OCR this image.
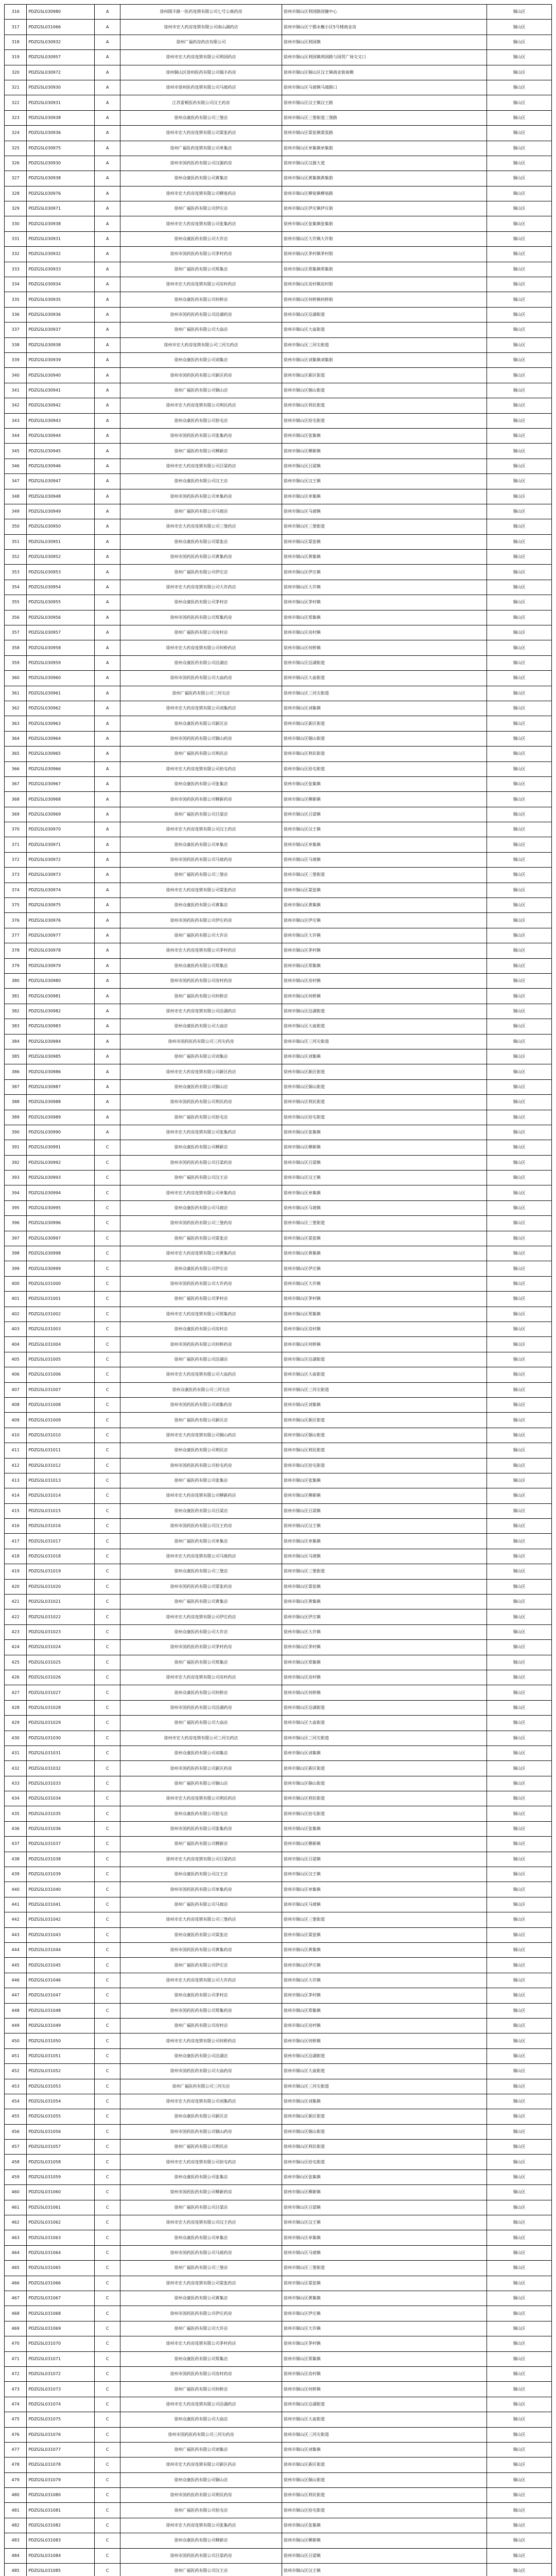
316	PDZGSL030980	A	徐州圆丰路一医药连锁有限公司七号公寓药房	徐州市铜山区利国路国健中心	铜山区
317	PDZGSL031066	A	徐州市宏大药房连锁有限公司南山湖药店	徐州市铜山区宁郡水榭小区5号楼商业房	铜山区
318	PDZGSL030932	A	徐州广福药房药店有限公司	徐州市铜山区利国镇	铜山区
319	PDZGSL030957	A	徐州市宏大药房连锁有限公司利国药店	徐州市铜山区利国镇利国路与国贸广场交叉口	铜山区
320	PDZGSL030972	A	徐州铜山区徐州医药有限公司瑞丰药房	徐州市铜山区铜山区汉王镇商业街南侧	铜山区
321	PDZGSL030930	A	徐州市徐州医药连锁有限公司马坡药店	徐州市铜山区马坡镇马坡路口	铜山区
322	PDZGSL030931	A	江苏雷顿医药有限公司汉王药房	徐州市铜山区汉王镇汉王路	铜山区
323	PDZGSL030938	A	徐州众康医药有限公司三堡店	徐州市铜山区三堡街道三堡路	铜山区
324	PDZGSL030936	A	徐州市宏大药房连锁有限公司棠张药店	徐州市铜山区棠张镇棠张路	铜山区
325	PDZGSL030975	A	徐州广福医药连锁有限公司单集店	徐州市铜山区单集镇单集街	铜山区
326	PDZGSL030930	A	徐州市国药医药有限公司汉源药房	徐州市铜山区汉源大道	铜山区
327	PDZGSL030938	A	徐州众康医药有限公司黄集店	徐州市铜山区黄集镇黄集街	铜山区
328	PDZGSL030976	A	徐州市宏大药房连锁有限公司柳泉药店	徐州市铜山区柳泉镇柳泉路	铜山区
329	PDZGSL030971	A	徐州广福医药有限公司伊庄店	徐州市铜山区伊庄镇伊庄街	铜山区
330	PDZGSL030938	A	徐州市宏大药房连锁有限公司张集药店	徐州市铜山区张集镇张集街	铜山区
331	PDZGSL030931	A	徐州众康医药有限公司大许店	徐州市铜山区大许镇大许街	铜山区
332	PDZGSL030932	A	徐州市国药医药有限公司茅村药房	徐州市铜山区茅村镇茅村街	铜山区
333	PDZGSL030933	A	徐州广福医药有限公司郑集店	徐州市铜山区郑集镇郑集街	铜山区
334	PDZGSL030934	A	徐州市宏大药房连锁有限公司房村药店	徐州市铜山区房村镇房村街	铜山区
335	PDZGSL030935	A	徐州众康医药有限公司何桥店	徐州市铜山区何桥镇何桥街	铜山区
336	PDZGSL030936	A	徐州市国药医药有限公司沿湖药房	徐州市铜山区沿湖街道	铜山区
337	PDZGSL030937	A	徐州广福医药有限公司大庙店	徐州市铜山区大庙街道	铜山区
338	PDZGSL030938	A	徐州市宏大药房连锁有限公司三河尖药店	徐州市铜山区三河尖街道	铜山区
339	PDZGSL030939	A	徐州众康医药有限公司刘集店	徐州市铜山区刘集镇刘集街	铜山区
340	PDZGSL030940	A	徐州市国药医药有限公司新区药房	徐州市铜山区新区街道	铜山区
341	PDZGSL030941	A	徐州广福医药有限公司铜山店	徐州市铜山区铜山街道	铜山区
342	PDZGSL030942	A	徐州市宏大药房连锁有限公司利民药店	徐州市铜山区利民街道	铜山区
343	PDZGSL030943	A	徐州众康医药有限公司拾屯店	徐州市铜山区拾屯街道	铜山区
344	PDZGSL030944	A	徐州市国药医药有限公司张集药房	徐州市铜山区张集镇	铜山区
345	PDZGSL030945	A	徐州广福医药有限公司柳新店	徐州市铜山区柳新镇	铜山区
346	PDZGSL030946	A	徐州市宏大药房连锁有限公司吕梁药店	徐州市铜山区吕梁镇	铜山区
347	PDZGSL030947	A	徐州众康医药有限公司汉王店	徐州市铜山区汉王镇	铜山区
348	PDZGSL030948	A	徐州市国药医药有限公司单集药房	徐州市铜山区单集镇	铜山区
349	PDZGSL030949	A	徐州广福医药有限公司马坡店	徐州市铜山区马坡镇	铜山区
350	PDZGSL030950	A	徐州市宏大药房连锁有限公司三堡药店	徐州市铜山区三堡街道	铜山区
351	PDZGSL030951	A	徐州众康医药有限公司棠张店	徐州市铜山区棠张镇	铜山区
352	PDZGSL030952	A	徐州市国药医药有限公司黄集药房	徐州市铜山区黄集镇	铜山区
353	PDZGSL030953	A	徐州广福医药有限公司伊庄店	徐州市铜山区伊庄镇	铜山区
354	PDZGSL030954	A	徐州市宏大药房连锁有限公司大许药店	徐州市铜山区大许镇	铜山区
355	PDZGSL030955	A	徐州众康医药有限公司茅村店	徐州市铜山区茅村镇	铜山区
356	PDZGSL030956	A	徐州市国药医药有限公司郑集药房	徐州市铜山区郑集镇	铜山区
357	PDZGSL030957	A	徐州广福医药有限公司房村店	徐州市铜山区房村镇	铜山区
358	PDZGSL030958	A	徐州市宏大药房连锁有限公司何桥药店	徐州市铜山区何桥镇	铜山区
359	PDZGSL030959	A	徐州众康医药有限公司沿湖店	徐州市铜山区沿湖街道	铜山区
360	PDZGSL030960	A	徐州市国药医药有限公司大庙药房	徐州市铜山区大庙街道	铜山区
361	PDZGSL030961	A	徐州广福医药有限公司三河尖店	徐州市铜山区三河尖街道	铜山区
362	PDZGSL030962	A	徐州市宏大药房连锁有限公司刘集药店	徐州市铜山区刘集镇	铜山区
363	PDZGSL030963	A	徐州众康医药有限公司新区店	徐州市铜山区新区街道	铜山区
364	PDZGSL030964	A	徐州市国药医药有限公司铜山药房	徐州市铜山区铜山街道	铜山区
365	PDZGSL030965	A	徐州广福医药有限公司利民店	徐州市铜山区利民街道	铜山区
366	PDZGSL030966	A	徐州市宏大药房连锁有限公司拾屯药店	徐州市铜山区拾屯街道	铜山区
367	PDZGSL030967	A	徐州众康医药有限公司张集店	徐州市铜山区张集镇	铜山区
368	PDZGSL030968	A	徐州市国药医药有限公司柳新药房	徐州市铜山区柳新镇	铜山区
369	PDZGSL030969	A	徐州广福医药有限公司吕梁店	徐州市铜山区吕梁镇	铜山区
370	PDZGSL030970	A	徐州市宏大药房连锁有限公司汉王药店	徐州市铜山区汉王镇	铜山区
371	PDZGSL030971	A	徐州众康医药有限公司单集店	徐州市铜山区单集镇	铜山区
372	PDZGSL030972	A	徐州市国药医药有限公司马坡药房	徐州市铜山区马坡镇	铜山区
373	PDZGSL030973	A	徐州广福医药有限公司三堡店	徐州市铜山区三堡街道	铜山区
374	PDZGSL030974	A	徐州市宏大药房连锁有限公司棠张药店	徐州市铜山区棠张镇	铜山区
375	PDZGSL030975	A	徐州众康医药有限公司黄集店	徐州市铜山区黄集镇	铜山区
376	PDZGSL030976	A	徐州市国药医药有限公司伊庄药房	徐州市铜山区伊庄镇	铜山区
377	PDZGSL030977	A	徐州广福医药有限公司大许店	徐州市铜山区大许镇	铜山区
378	PDZGSL030978	A	徐州市宏大药房连锁有限公司茅村药店	徐州市铜山区茅村镇	铜山区
379	PDZGSL030979	A	徐州众康医药有限公司郑集店	徐州市铜山区郑集镇	铜山区
380	PDZGSL030980	A	徐州市国药医药有限公司房村药房	徐州市铜山区房村镇	铜山区
381	PDZGSL030981	A	徐州广福医药有限公司何桥店	徐州市铜山区何桥镇	铜山区
382	PDZGSL030982	A	徐州市宏大药房连锁有限公司沿湖药店	徐州市铜山区沿湖街道	铜山区
383	PDZGSL030983	A	徐州众康医药有限公司大庙店	徐州市铜山区大庙街道	铜山区
384	PDZGSL030984	A	徐州市国药医药有限公司三河尖药房	徐州市铜山区三河尖街道	铜山区
385	PDZGSL030985	A	徐州广福医药有限公司刘集店	徐州市铜山区刘集镇	铜山区
386	PDZGSL030986	A	徐州市宏大药房连锁有限公司新区药店	徐州市铜山区新区街道	铜山区
387	PDZGSL030987	A	徐州众康医药有限公司铜山店	徐州市铜山区铜山街道	铜山区
388	PDZGSL030988	A	徐州市国药医药有限公司利民药房	徐州市铜山区利民街道	铜山区
389	PDZGSL030989	A	徐州广福医药有限公司拾屯店	徐州市铜山区拾屯街道	铜山区
390	PDZGSL030990	A	徐州市宏大药房连锁有限公司张集药店	徐州市铜山区张集镇	铜山区
391	PDZGSL030991	C	徐州众康医药有限公司柳新店	徐州市铜山区柳新镇	铜山区
392	PDZGSL030992	C	徐州市国药医药有限公司吕梁药房	徐州市铜山区吕梁镇	铜山区
393	PDZGSL030993	C	徐州广福医药有限公司汉王店	徐州市铜山区汉王镇	铜山区
394	PDZGSL030994	C	徐州市宏大药房连锁有限公司单集药店	徐州市铜山区单集镇	铜山区
395	PDZGSL030995	C	徐州众康医药有限公司马坡店	徐州市铜山区马坡镇	铜山区
396	PDZGSL030996	C	徐州市国药医药有限公司三堡药房	徐州市铜山区三堡街道	铜山区
397	PDZGSL030997	C	徐州广福医药有限公司棠张店	徐州市铜山区棠张镇	铜山区
398	PDZGSL030998	C	徐州市宏大药房连锁有限公司黄集药店	徐州市铜山区黄集镇	铜山区
399	PDZGSL030999	C	徐州众康医药有限公司伊庄店	徐州市铜山区伊庄镇	铜山区
400	PDZGSL031000	C	徐州市国药医药有限公司大许药房	徐州市铜山区大许镇	铜山区
401	PDZGSL031001	C	徐州广福医药有限公司茅村店	徐州市铜山区茅村镇	铜山区
402	PDZGSL031002	C	徐州市宏大药房连锁有限公司郑集药店	徐州市铜山区郑集镇	铜山区
403	PDZGSL031003	C	徐州众康医药有限公司房村店	徐州市铜山区房村镇	铜山区
404	PDZGSL031004	C	徐州市国药医药有限公司何桥药房	徐州市铜山区何桥镇	铜山区
405	PDZGSL031005	C	徐州广福医药有限公司沿湖店	徐州市铜山区沿湖街道	铜山区
406	PDZGSL031006	C	徐州市宏大药房连锁有限公司大庙药店	徐州市铜山区大庙街道	铜山区
407	PDZGSL031007	C	徐州众康医药有限公司三河尖店	徐州市铜山区三河尖街道	铜山区
408	PDZGSL031008	C	徐州市国药医药有限公司刘集药房	徐州市铜山区刘集镇	铜山区
409	PDZGSL031009	C	徐州广福医药有限公司新区店	徐州市铜山区新区街道	铜山区
410	PDZGSL031010	C	徐州市宏大药房连锁有限公司铜山药店	徐州市铜山区铜山街道	铜山区
411	PDZGSL031011	C	徐州众康医药有限公司利民店	徐州市铜山区利民街道	铜山区
412	PDZGSL031012	C	徐州市国药医药有限公司拾屯药房	徐州市铜山区拾屯街道	铜山区
413	PDZGSL031013	C	徐州广福医药有限公司张集店	徐州市铜山区张集镇	铜山区
414	PDZGSL031014	C	徐州市宏大药房连锁有限公司柳新药店	徐州市铜山区柳新镇	铜山区
415	PDZGSL031015	C	徐州众康医药有限公司吕梁店	徐州市铜山区吕梁镇	铜山区
416	PDZGSL031016	C	徐州市国药医药有限公司汉王药房	徐州市铜山区汉王镇	铜山区
417	PDZGSL031017	C	徐州广福医药有限公司单集店	徐州市铜山区单集镇	铜山区
418	PDZGSL031018	C	徐州市宏大药房连锁有限公司马坡药店	徐州市铜山区马坡镇	铜山区
419	PDZGSL031019	C	徐州众康医药有限公司三堡店	徐州市铜山区三堡街道	铜山区
420	PDZGSL031020	C	徐州市国药医药有限公司棠张药房	徐州市铜山区棠张镇	铜山区
421	PDZGSL031021	C	徐州广福医药有限公司黄集店	徐州市铜山区黄集镇	铜山区
422	PDZGSL031022	C	徐州市宏大药房连锁有限公司伊庄药店	徐州市铜山区伊庄镇	铜山区
423	PDZGSL031023	C	徐州众康医药有限公司大许店	徐州市铜山区大许镇	铜山区
424	PDZGSL031024	C	徐州市国药医药有限公司茅村药房	徐州市铜山区茅村镇	铜山区
425	PDZGSL031025	C	徐州广福医药有限公司郑集店	徐州市铜山区郑集镇	铜山区
426	PDZGSL031026	C	徐州市宏大药房连锁有限公司房村药店	徐州市铜山区房村镇	铜山区
427	PDZGSL031027	C	徐州众康医药有限公司何桥店	徐州市铜山区何桥镇	铜山区
428	PDZGSL031028	C	徐州市国药医药有限公司沿湖药房	徐州市铜山区沿湖街道	铜山区
429	PDZGSL031029	C	徐州广福医药有限公司大庙店	徐州市铜山区大庙街道	铜山区
430	PDZGSL031030	C	徐州市宏大药房连锁有限公司三河尖药店	徐州市铜山区三河尖街道	铜山区
431	PDZGSL031031	C	徐州众康医药有限公司刘集店	徐州市铜山区刘集镇	铜山区
432	PDZGSL031032	C	徐州市国药医药有限公司新区药房	徐州市铜山区新区街道	铜山区
433	PDZGSL031033	C	徐州广福医药有限公司铜山店	徐州市铜山区铜山街道	铜山区
434	PDZGSL031034	C	徐州市宏大药房连锁有限公司利民药店	徐州市铜山区利民街道	铜山区
435	PDZGSL031035	C	徐州众康医药有限公司拾屯店	徐州市铜山区拾屯街道	铜山区
436	PDZGSL031036	C	徐州市国药医药有限公司张集药房	徐州市铜山区张集镇	铜山区
437	PDZGSL031037	C	徐州广福医药有限公司柳新店	徐州市铜山区柳新镇	铜山区
438	PDZGSL031038	C	徐州市宏大药房连锁有限公司吕梁药店	徐州市铜山区吕梁镇	铜山区
439	PDZGSL031039	C	徐州众康医药有限公司汉王店	徐州市铜山区汉王镇	铜山区
440	PDZGSL031040	C	徐州市国药医药有限公司单集药房	徐州市铜山区单集镇	铜山区
441	PDZGSL031041	C	徐州广福医药有限公司马坡店	徐州市铜山区马坡镇	铜山区
442	PDZGSL031042	C	徐州市宏大药房连锁有限公司三堡药店	徐州市铜山区三堡街道	铜山区
443	PDZGSL031043	C	徐州众康医药有限公司棠张店	徐州市铜山区棠张镇	铜山区
444	PDZGSL031044	C	徐州市国药医药有限公司黄集药房	徐州市铜山区黄集镇	铜山区
445	PDZGSL031045	C	徐州广福医药有限公司伊庄店	徐州市铜山区伊庄镇	铜山区
446	PDZGSL031046	C	徐州市宏大药房连锁有限公司大许药店	徐州市铜山区大许镇	铜山区
447	PDZGSL031047	C	徐州众康医药有限公司茅村店	徐州市铜山区茅村镇	铜山区
448	PDZGSL031048	C	徐州市国药医药有限公司郑集药房	徐州市铜山区郑集镇	铜山区
449	PDZGSL031049	C	徐州广福医药有限公司房村店	徐州市铜山区房村镇	铜山区
450	PDZGSL031050	C	徐州市宏大药房连锁有限公司何桥药店	徐州市铜山区何桥镇	铜山区
451	PDZGSL031051	C	徐州众康医药有限公司沿湖店	徐州市铜山区沿湖街道	铜山区
452	PDZGSL031052	C	徐州市国药医药有限公司大庙药房	徐州市铜山区大庙街道	铜山区
453	PDZGSL031053	C	徐州广福医药有限公司三河尖店	徐州市铜山区三河尖街道	铜山区
454	PDZGSL031054	C	徐州市宏大药房连锁有限公司刘集药店	徐州市铜山区刘集镇	铜山区
455	PDZGSL031055	C	徐州众康医药有限公司新区店	徐州市铜山区新区街道	铜山区
456	PDZGSL031056	C	徐州市国药医药有限公司铜山药房	徐州市铜山区铜山街道	铜山区
457	PDZGSL031057	C	徐州广福医药有限公司利民店	徐州市铜山区利民街道	铜山区
458	PDZGSL031058	C	徐州市宏大药房连锁有限公司拾屯药店	徐州市铜山区拾屯街道	铜山区
459	PDZGSL031059	C	徐州众康医药有限公司张集店	徐州市铜山区张集镇	铜山区
460	PDZGSL031060	C	徐州市国药医药有限公司柳新药房	徐州市铜山区柳新镇	铜山区
461	PDZGSL031061	C	徐州广福医药有限公司吕梁店	徐州市铜山区吕梁镇	铜山区
462	PDZGSL031062	C	徐州市宏大药房连锁有限公司汉王药店	徐州市铜山区汉王镇	铜山区
463	PDZGSL031063	C	徐州众康医药有限公司单集店	徐州市铜山区单集镇	铜山区
464	PDZGSL031064	C	徐州市国药医药有限公司马坡药房	徐州市铜山区马坡镇	铜山区
465	PDZGSL031065	C	徐州广福医药有限公司三堡店	徐州市铜山区三堡街道	铜山区
466	PDZGSL031066	C	徐州市宏大药房连锁有限公司棠张药店	徐州市铜山区棠张镇	铜山区
467	PDZGSL031067	C	徐州众康医药有限公司黄集店	徐州市铜山区黄集镇	铜山区
468	PDZGSL031068	C	徐州市国药医药有限公司伊庄药房	徐州市铜山区伊庄镇	铜山区
469	PDZGSL031069	C	徐州广福医药有限公司大许店	徐州市铜山区大许镇	铜山区
470	PDZGSL031070	C	徐州市宏大药房连锁有限公司茅村药店	徐州市铜山区茅村镇	铜山区
471	PDZGSL031071	C	徐州众康医药有限公司郑集店	徐州市铜山区郑集镇	铜山区
472	PDZGSL031072	C	徐州市国药医药有限公司房村药房	徐州市铜山区房村镇	铜山区
473	PDZGSL031073	C	徐州广福医药有限公司何桥店	徐州市铜山区何桥镇	铜山区
474	PDZGSL031074	C	徐州市宏大药房连锁有限公司沿湖药店	徐州市铜山区沿湖街道	铜山区
475	PDZGSL031075	C	徐州众康医药有限公司大庙店	徐州市铜山区大庙街道	铜山区
476	PDZGSL031076	C	徐州市国药医药有限公司三河尖药房	徐州市铜山区三河尖街道	铜山区
477	PDZGSL031077	C	徐州广福医药有限公司刘集店	徐州市铜山区刘集镇	铜山区
478	PDZGSL031078	C	徐州市宏大药房连锁有限公司新区药店	徐州市铜山区新区街道	铜山区
479	PDZGSL031079	C	徐州众康医药有限公司铜山店	徐州市铜山区铜山街道	铜山区
480	PDZGSL031080	C	徐州市国药医药有限公司利民药房	徐州市铜山区利民街道	铜山区
481	PDZGSL031081	C	徐州广福医药有限公司拾屯店	徐州市铜山区拾屯街道	铜山区
482	PDZGSL031082	C	徐州市宏大药房连锁有限公司张集药店	徐州市铜山区张集镇	铜山区
483	PDZGSL031083	C	徐州众康医药有限公司柳新店	徐州市铜山区柳新镇	铜山区
484	PDZGSL031084	C	徐州市国药医药有限公司吕梁药房	徐州市铜山区吕梁镇	铜山区
485	PDZGSL031085	C	徐州广福医药有限公司汉王店	徐州市铜山区汉王镇	铜山区
